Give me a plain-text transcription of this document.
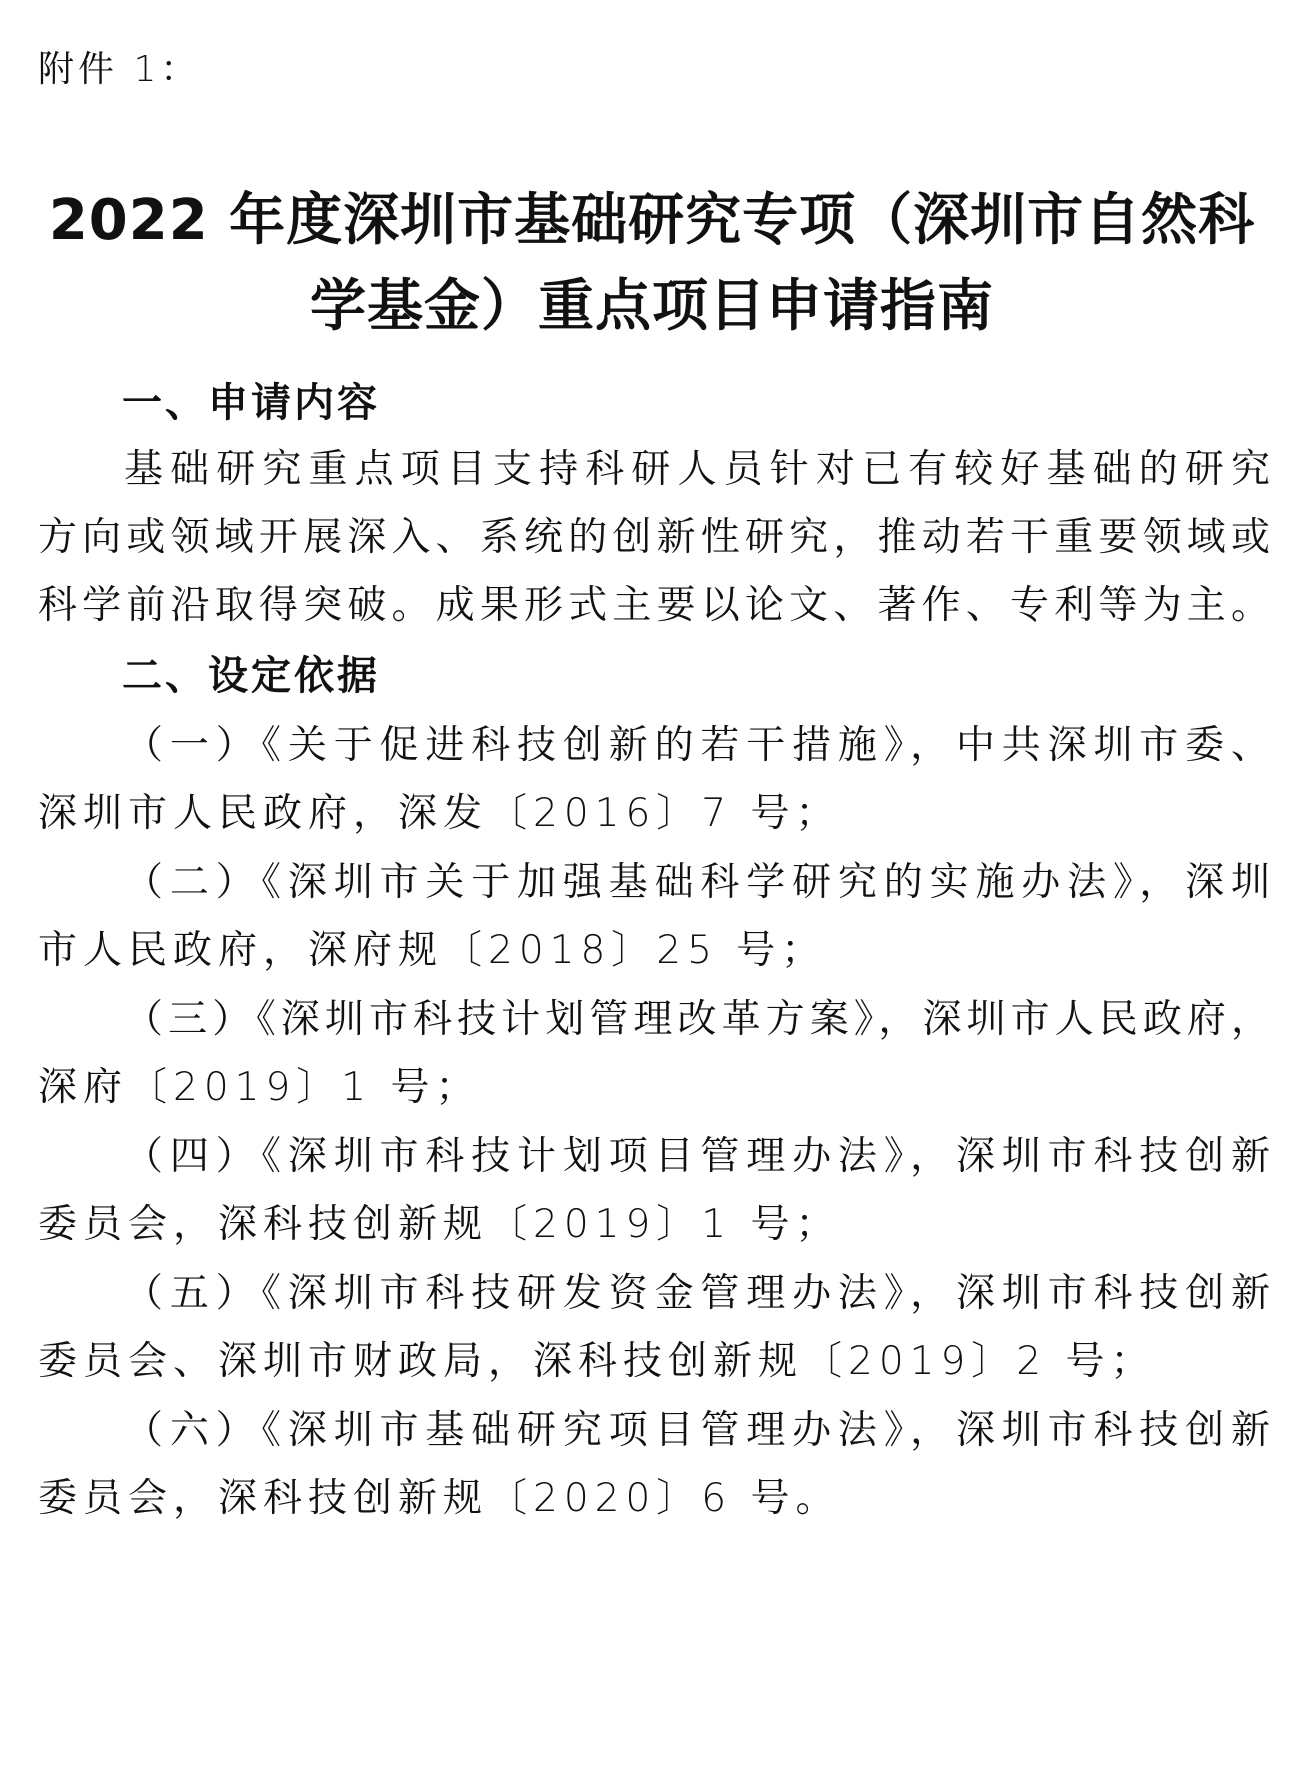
附件 1：
2022 年度深圳市基础研究专项（深圳市自然科
学基金）重点项目申请指南
一、申请内容
基础研究重点项目支持科研人员针对已有较好基础的研究
方向或领域开展深入、系统的创新性研究，推动若干重要领域或
科学前沿取得突破。成果形式主要以论文、著作、专利等为主。
二、设定依据
（一）《关于促进科技创新的若干措施》，中共深圳市委、
深圳市人民政府，深发〔2016〕7 号；
（二）《深圳市关于加强基础科学研究的实施办法》，深圳
市人民政府，深府规〔2018〕25 号；
（三）《深圳市科技计划管理改革方案》，深圳市人民政府，
深府〔2019〕1 号；
（四）《深圳市科技计划项目管理办法》，深圳市科技创新
委员会，深科技创新规〔2019〕1 号；
（五）《深圳市科技研发资金管理办法》，深圳市科技创新
委员会、深圳市财政局，深科技创新规〔2019〕2 号；
（六）《深圳市基础研究项目管理办法》，深圳市科技创新
委员会，深科技创新规〔2020〕6 号。
